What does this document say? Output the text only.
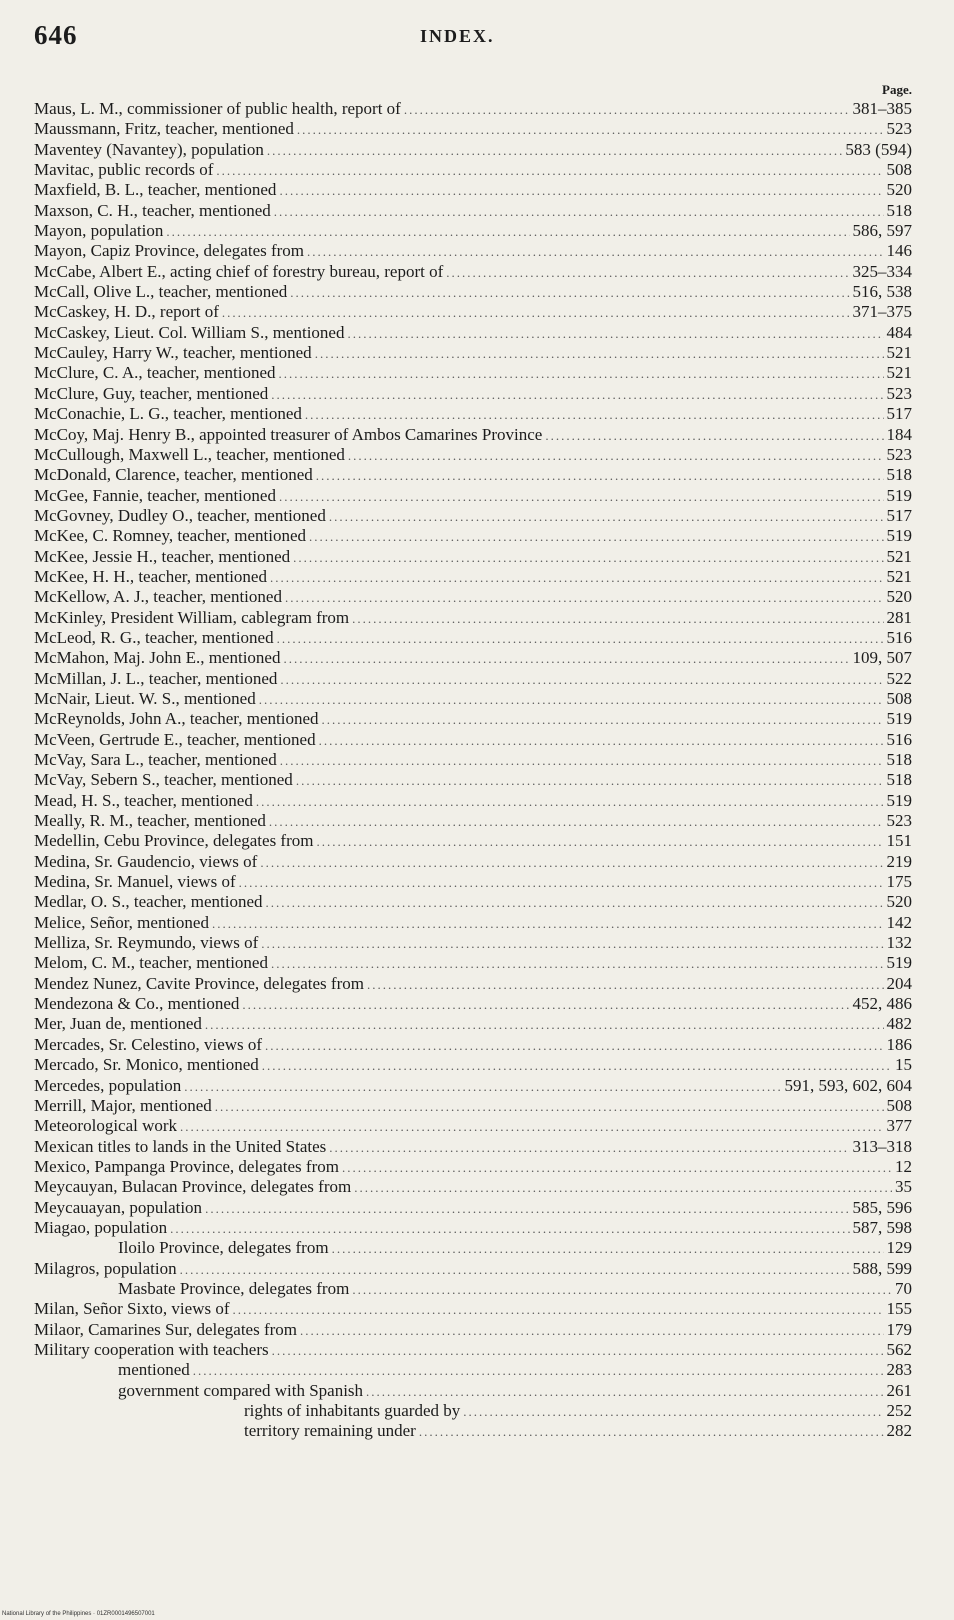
646	INDEX.
Page.
Maus, L. M., commissioner of public health, report of .....	381–385
Maussmann, Fritz, teacher, mentioned .....	523
Maventey (Navantey), population .....	583 (594)
Mavitac, public records of .....	508
Maxfield, B. L., teacher, mentioned .....	520
Maxson, C. H., teacher, mentioned .....	518
Mayon, population .....	586, 597
Mayon, Capiz Province, delegates from .....	146
McCabe, Albert E., acting chief of forestry bureau, report of .....	325–334
McCall, Olive L., teacher, mentioned .....	516, 538
McCaskey, H. D., report of .....	371–375
McCaskey, Lieut. Col. William S., mentioned .....	484
McCauley, Harry W., teacher, mentioned .....	521
McClure, C. A., teacher, mentioned .....	521
McClure, Guy, teacher, mentioned .....	523
McConachie, L. G., teacher, mentioned .....	517
McCoy, Maj. Henry B., appointed treasurer of Ambos Camarines Province .....	184
McCullough, Maxwell L., teacher, mentioned .....	523
McDonald, Clarence, teacher, mentioned .....	518
McGee, Fannie, teacher, mentioned .....	519
McGovney, Dudley O., teacher, mentioned .....	517
McKee, C. Romney, teacher, mentioned .....	519
McKee, Jessie H., teacher, mentioned .....	521
McKee, H. H., teacher, mentioned .....	521
McKellow, A. J., teacher, mentioned .....	520
McKinley, President William, cablegram from .....	281
McLeod, R. G., teacher, mentioned .....	516
McMahon, Maj. John E., mentioned .....	109, 507
McMillan, J. L., teacher, mentioned .....	522
McNair, Lieut. W. S., mentioned .....	508
McReynolds, John A., teacher, mentioned .....	519
McVeen, Gertrude E., teacher, mentioned .....	516
McVay, Sara L., teacher, mentioned .....	518
McVay, Sebern S., teacher, mentioned .....	518
Mead, H. S., teacher, mentioned .....	519
Meally, R. M., teacher, mentioned .....	523
Medellin, Cebu Province, delegates from .....	151
Medina, Sr. Gaudencio, views of .....	219
Medina, Sr. Manuel, views of .....	175
Medlar, O. S., teacher, mentioned .....	520
Melice, Señor, mentioned .....	142
Melliza, Sr. Reymundo, views of .....	132
Melom, C. M., teacher, mentioned .....	519
Mendez Nunez, Cavite Province, delegates from .....	204
Mendezona & Co., mentioned .....	452, 486
Mer, Juan de, mentioned .....	482
Mercades, Sr. Celestino, views of .....	186
Mercado, Sr. Monico, mentioned .....	15
Mercedes, population .....	591, 593, 602, 604
Merrill, Major, mentioned .....	508
Meteorological work .....	377
Mexican titles to lands in the United States .....	313–318
Mexico, Pampanga Province, delegates from .....	12
Meycauyan, Bulacan Province, delegates from .....	35
Meycauayan, population .....	585, 596
Miagao, population .....	587, 598
Iloilo Province, delegates from .....	129
Milagros, population .....	588, 599
Masbate Province, delegates from .....	70
Milan, Señor Sixto, views of .....	155
Milaor, Camarines Sur, delegates from .....	179
Military cooperation with teachers .....	562
mentioned .....	283
government compared with Spanish .....	261
rights of inhabitants guarded by .....	252
territory remaining under .....	282
National Library of the Philippines · 01ZR0001496507001
